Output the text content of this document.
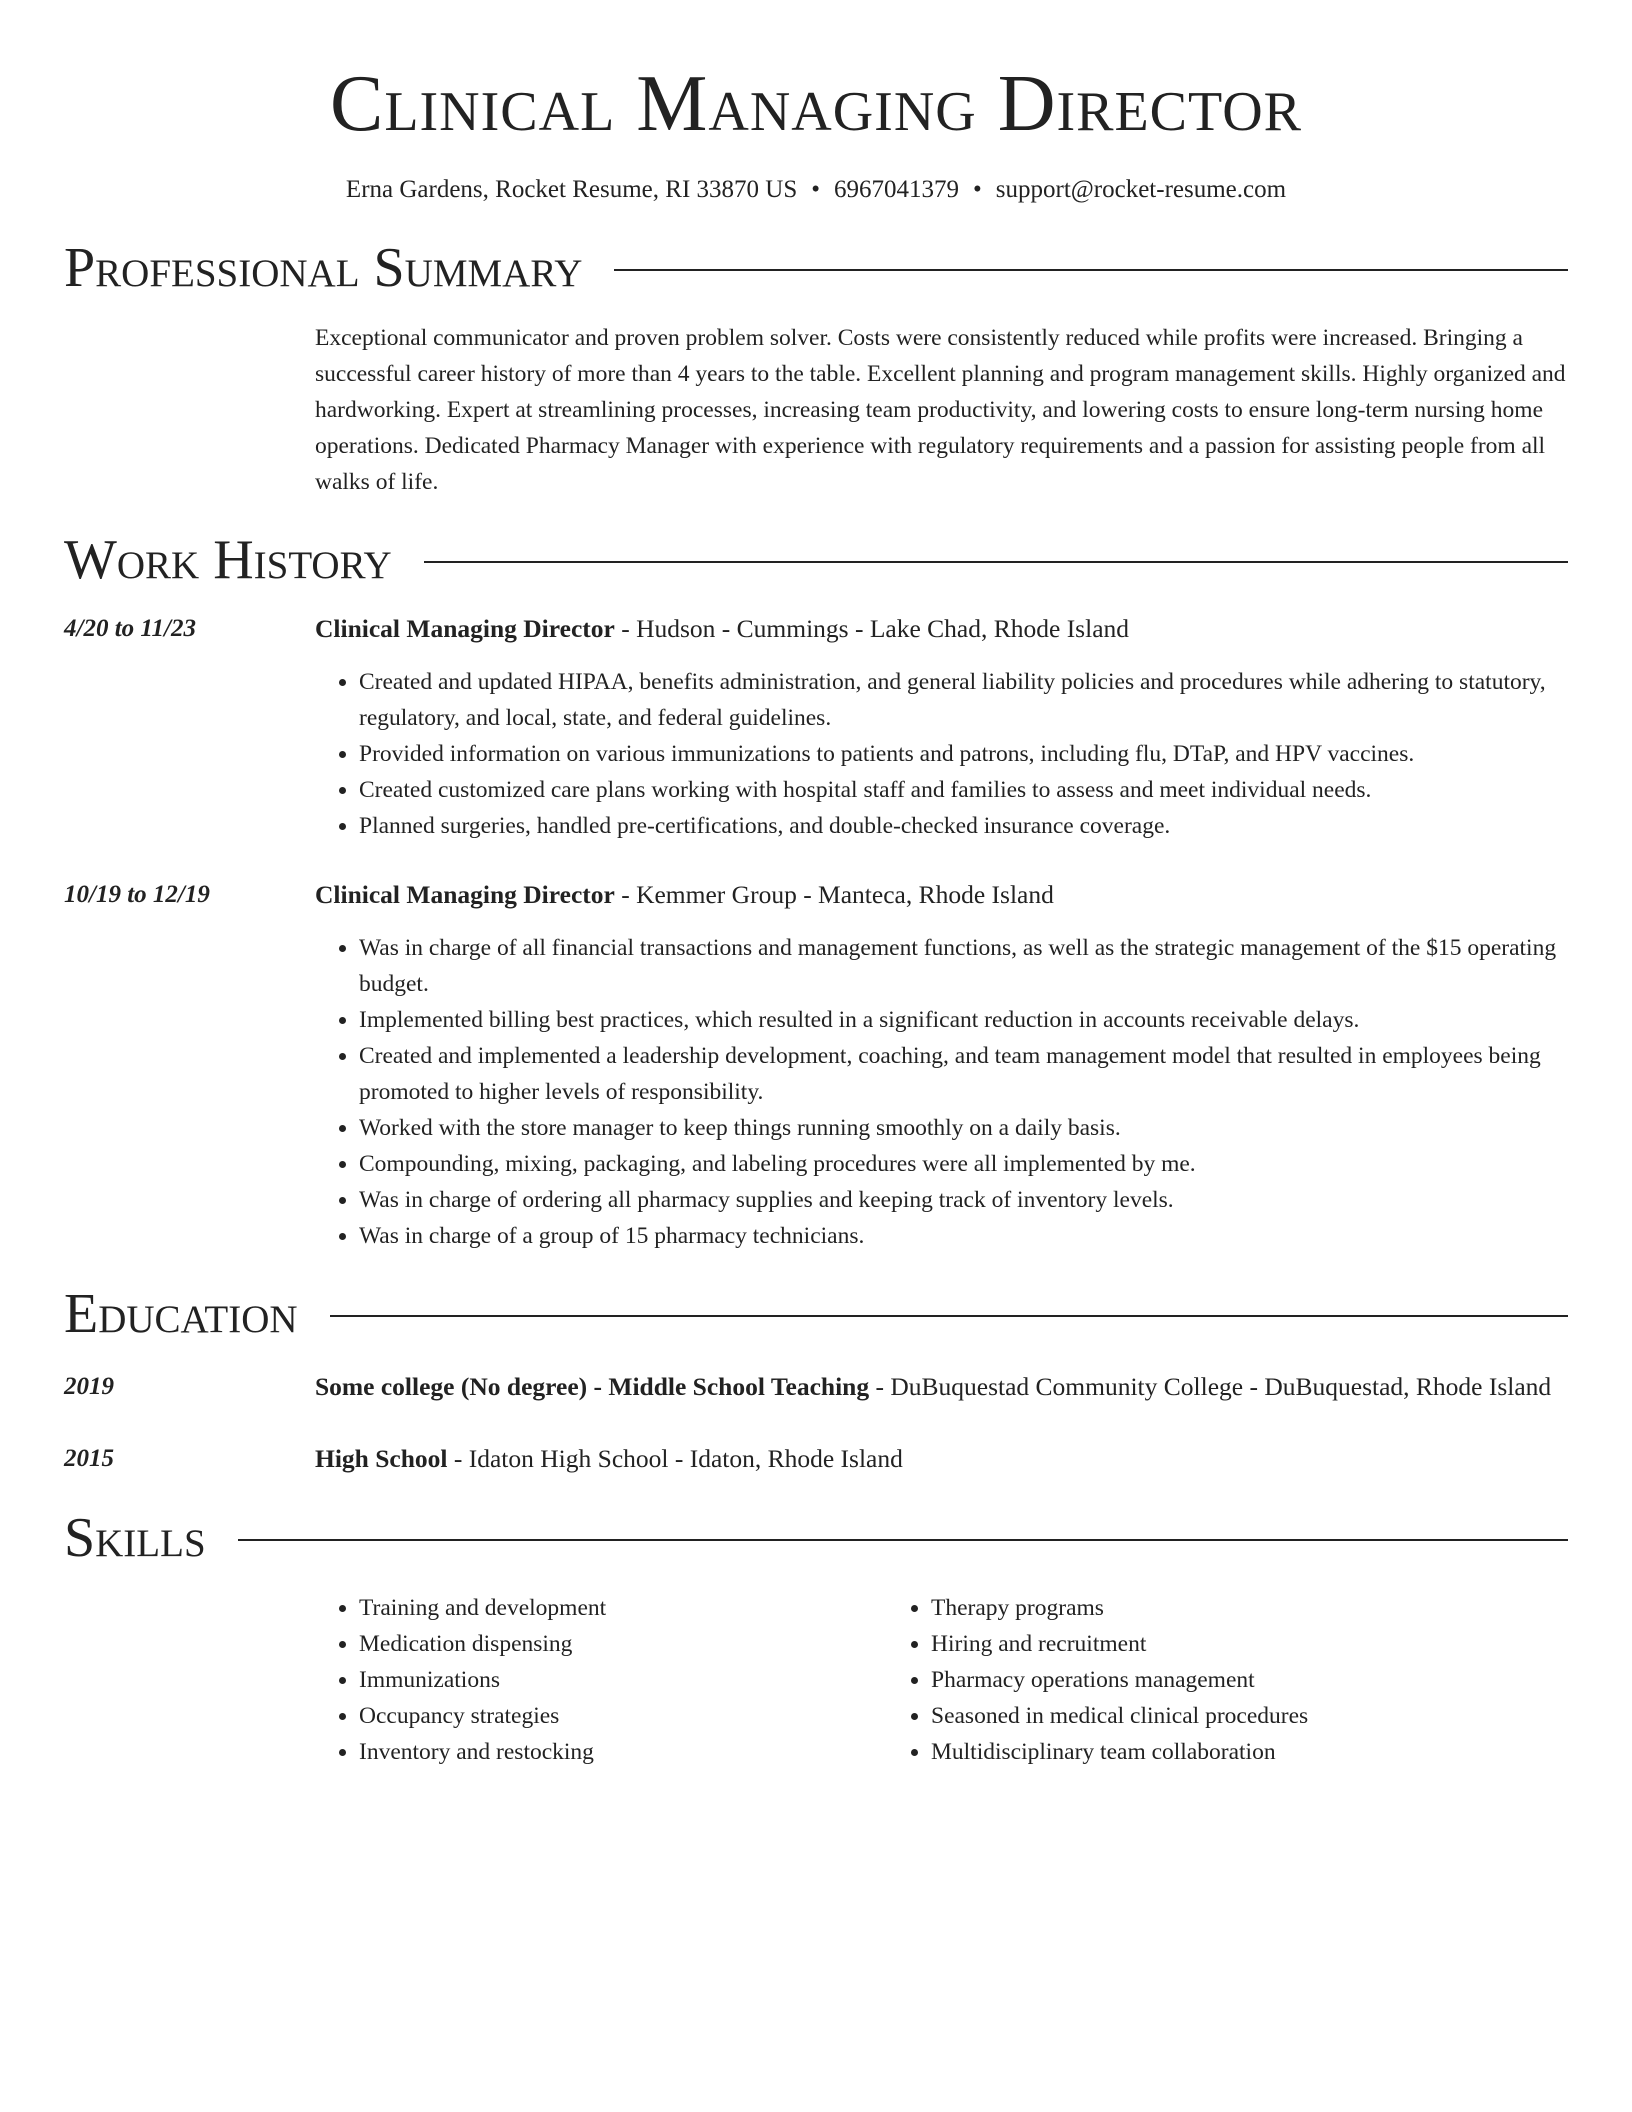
Clinical Managing Director
Erna Gardens, Rocket Resume, RI 33870 US • 6967041379 • support@rocket-resume.com
Professional Summary
Exceptional communicator and proven problem solver. Costs were consistently reduced while profits were increased. Bringing a successful career history of more than 4 years to the table. Excellent planning and program management skills. Highly organized and hardworking. Expert at streamlining processes, increasing team productivity, and lowering costs to ensure long-term nursing home operations. Dedicated Pharmacy Manager with experience with regulatory requirements and a passion for assisting people from all walks of life.
Work History
4/20 to 11/23	Clinical Managing Director - Hudson - Cummings - Lake Chad, Rhode Island
• Created and updated HIPAA, benefits administration, and general liability policies and procedures while adhering to statutory, regulatory, and local, state, and federal guidelines.
• Provided information on various immunizations to patients and patrons, including flu, DTaP, and HPV vaccines.
• Created customized care plans working with hospital staff and families to assess and meet individual needs.
• Planned surgeries, handled pre-certifications, and double-checked insurance coverage.
10/19 to 12/19	Clinical Managing Director - Kemmer Group - Manteca, Rhode Island
• Was in charge of all financial transactions and management functions, as well as the strategic management of the $15 operating budget.
• Implemented billing best practices, which resulted in a significant reduction in accounts receivable delays.
• Created and implemented a leadership development, coaching, and team management model that resulted in employees being promoted to higher levels of responsibility.
• Worked with the store manager to keep things running smoothly on a daily basis.
• Compounding, mixing, packaging, and labeling procedures were all implemented by me.
• Was in charge of ordering all pharmacy supplies and keeping track of inventory levels.
• Was in charge of a group of 15 pharmacy technicians.
Education
2019	Some college (No degree) - Middle School Teaching - DuBuquestad Community College - DuBuquestad, Rhode Island
2015	High School - Idaton High School - Idaton, Rhode Island
Skills
• Training and development
• Medication dispensing
• Immunizations
• Occupancy strategies
• Inventory and restocking
• Therapy programs
• Hiring and recruitment
• Pharmacy operations management
• Seasoned in medical clinical procedures
• Multidisciplinary team collaboration
